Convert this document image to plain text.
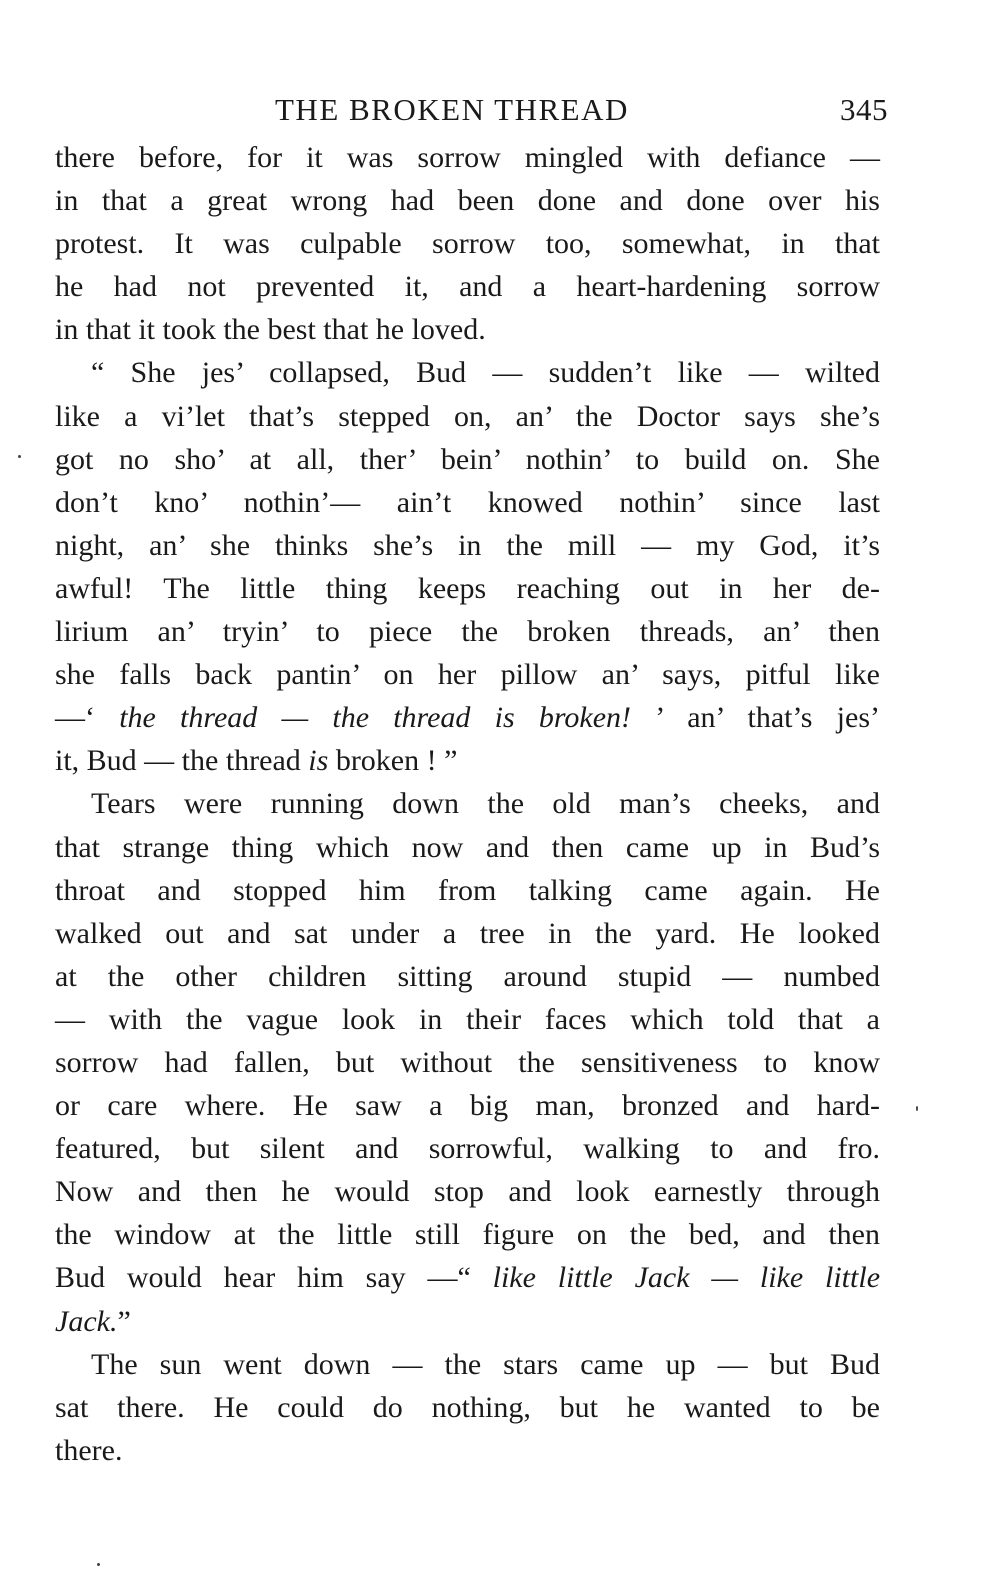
THE BROKEN THREAD	345
there before, for it was sorrow mingled with defiance —
in that a great wrong had been done and done over his
protest. It was culpable sorrow too, somewhat, in that
he had not prevented it, and a heart-hardening sorrow
in that it took the best that he loved.
“ She jes’ collapsed, Bud — sudden’t like — wilted
like a vi’let that’s stepped on, an’ the Doctor says she’s
got no sho’ at all, ther’ bein’ nothin’ to build on. She
don’t kno’ nothin’— ain’t knowed nothin’ since last
night, an’ she thinks she’s in the mill — my God, it’s
awful! The little thing keeps reaching out in her de-
lirium an’ tryin’ to piece the broken threads, an’ then
she falls back pantin’ on her pillow an’ says, pitful like
—‘ the thread — the thread is broken! ’ an’ that’s jes’
it, Bud — the thread is broken ! ”
Tears were running down the old man’s cheeks, and
that strange thing which now and then came up in Bud’s
throat and stopped him from talking came again. He
walked out and sat under a tree in the yard. He looked
at the other children sitting around stupid — numbed
— with the vague look in their faces which told that a
sorrow had fallen, but without the sensitiveness to know
or care where. He saw a big man, bronzed and hard-
featured, but silent and sorrowful, walking to and fro.
Now and then he would stop and look earnestly through
the window at the little still figure on the bed, and then
Bud would hear him say —“ like little Jack — like little
Jack.”
The sun went down — the stars came up — but Bud
sat there. He could do nothing, but he wanted to be
there.
